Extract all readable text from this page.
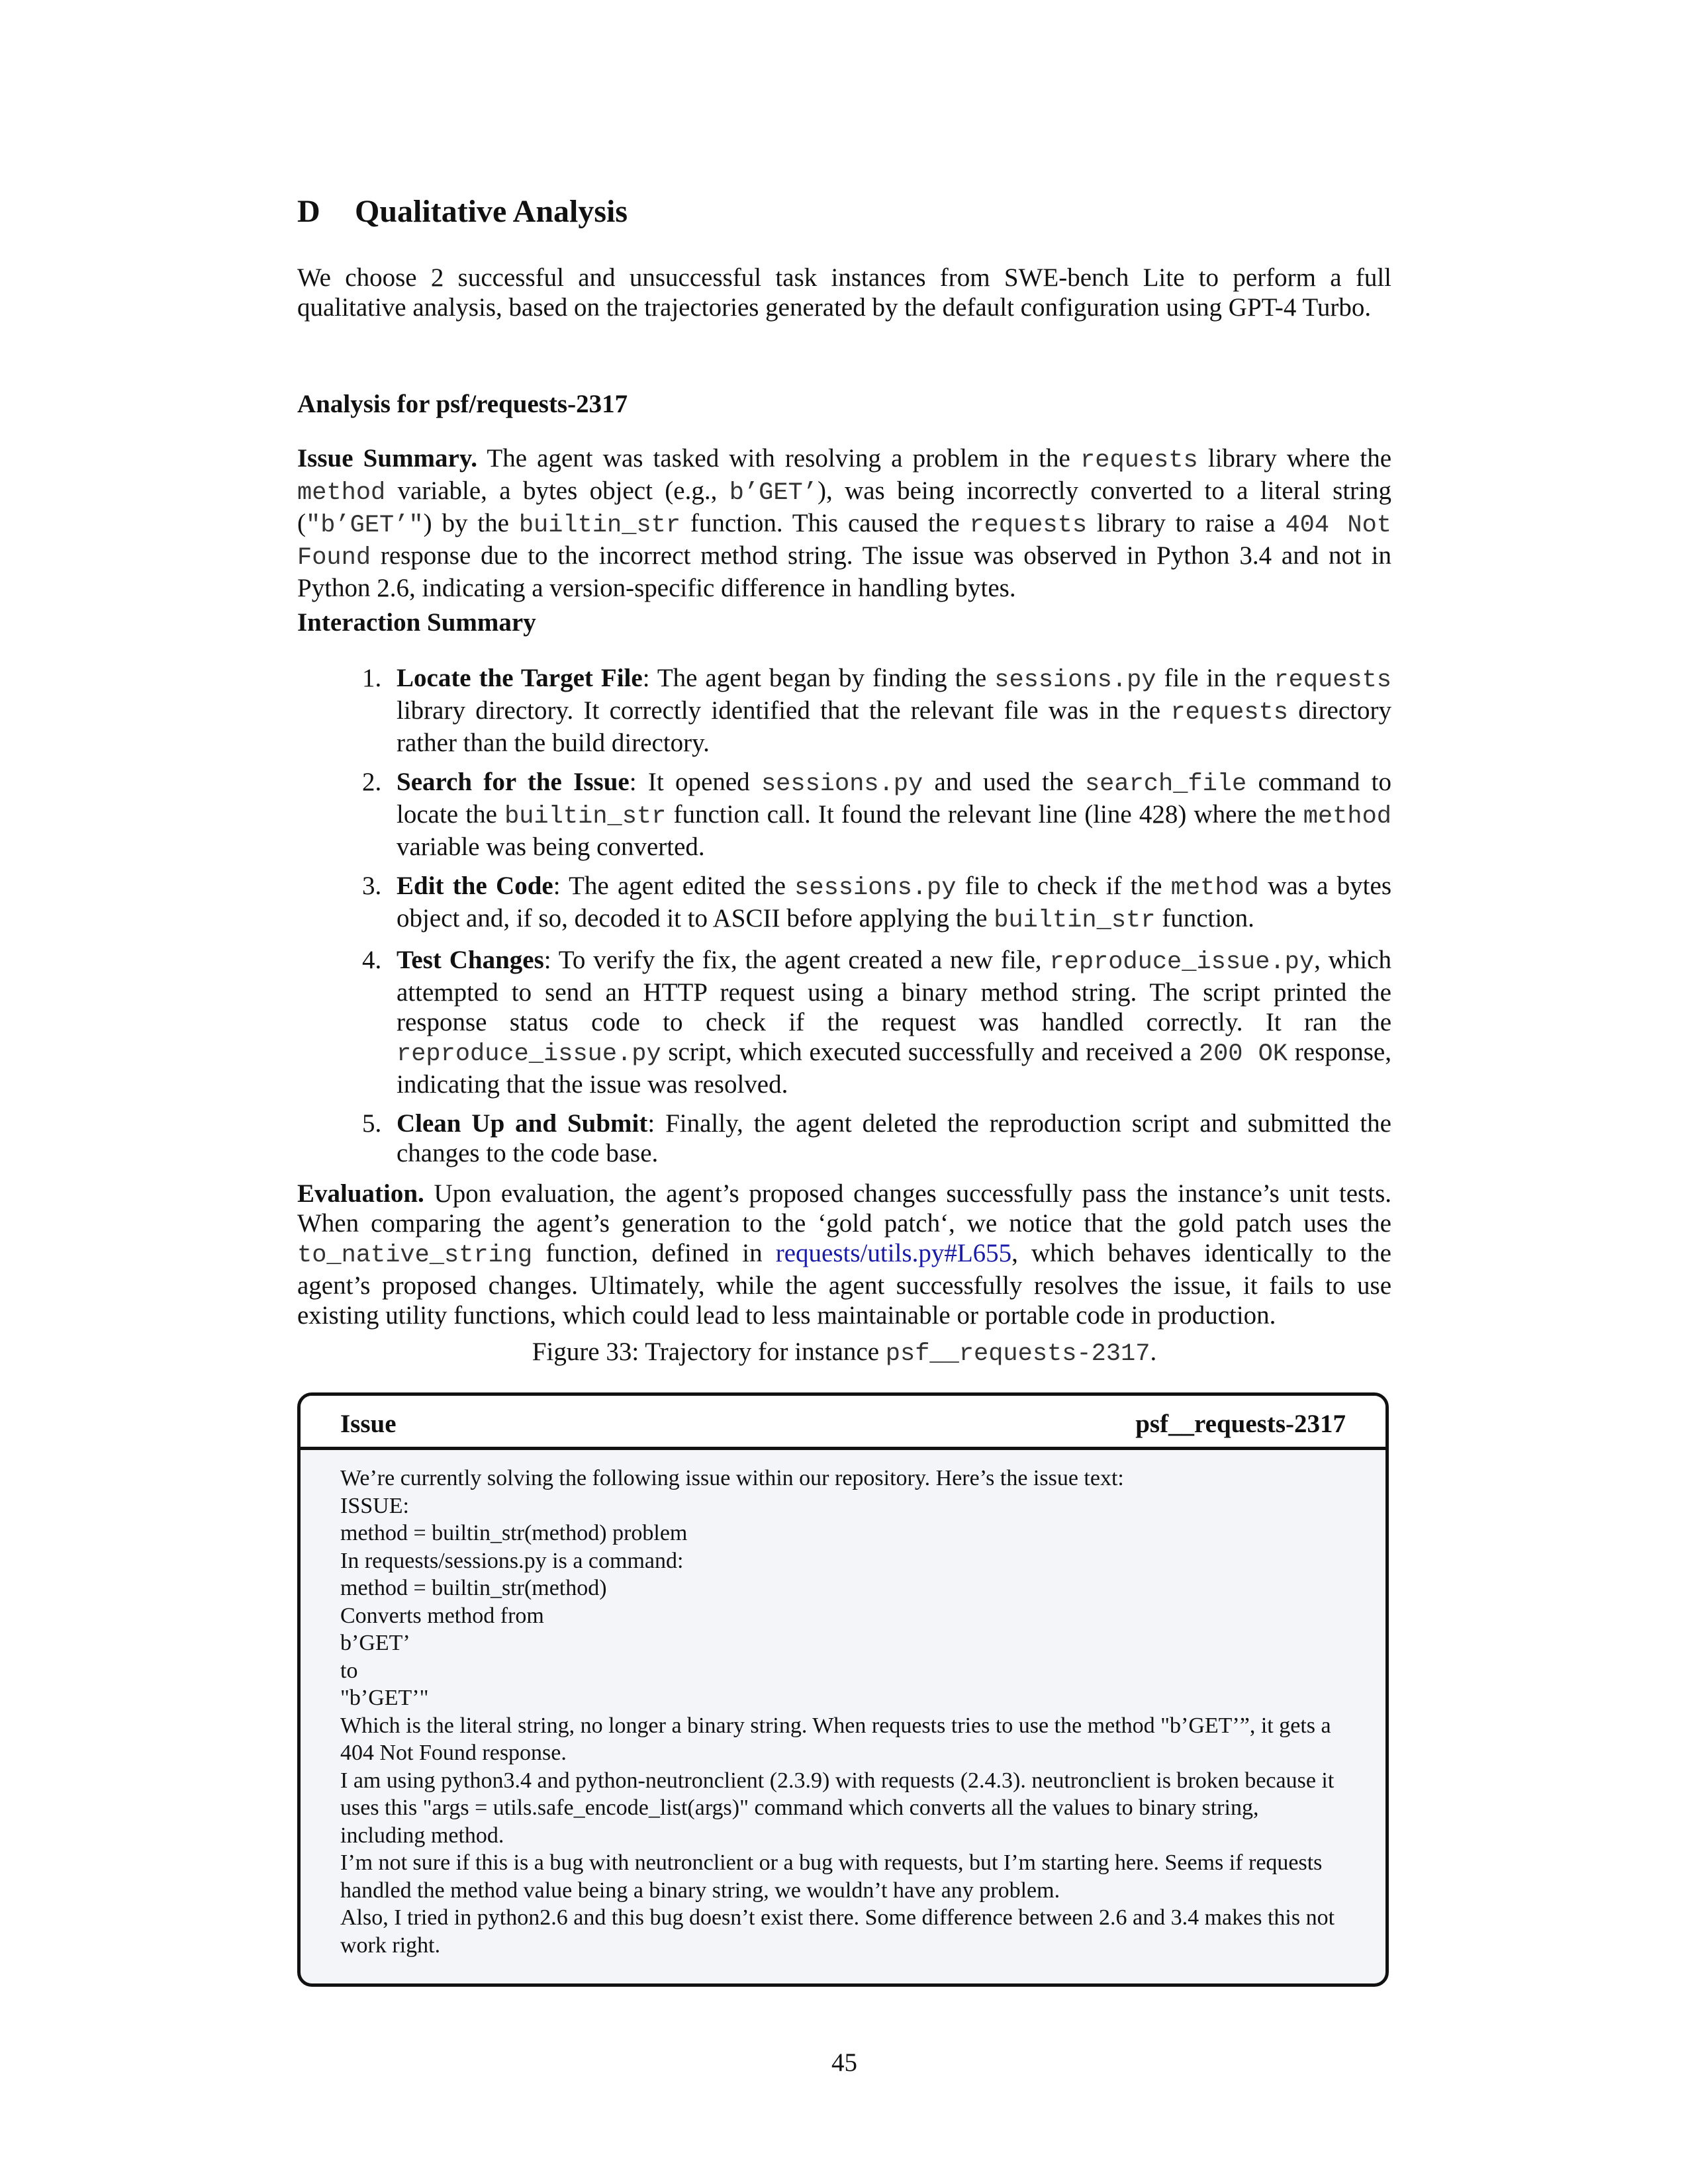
D Qualitative Analysis

We choose 2 successful and unsuccessful task instances from SWE-bench Lite to perform a full qualitative analysis, based on the trajectories generated by the default configuration using GPT-4 Turbo.

Analysis for psf/requests-2317

Issue Summary. The agent was tasked with resolving a problem in the requests library where the method variable, a bytes object (e.g., b’GET’), was being incorrectly converted to a literal string ("b’GET’") by the builtin_str function. This caused the requests library to raise a 404 Not Found response due to the incorrect method string. The issue was observed in Python 3.4 and not in Python 2.6, indicating a version-specific difference in handling bytes.

Interaction Summary
1. Locate the Target File: The agent began by finding the sessions.py file in the requests library directory. It correctly identified that the relevant file was in the requests directory rather than the build directory.
2. Search for the Issue: It opened sessions.py and used the search_file command to locate the builtin_str function call. It found the relevant line (line 428) where the method variable was being converted.
3. Edit the Code: The agent edited the sessions.py file to check if the method was a bytes object and, if so, decoded it to ASCII before applying the builtin_str function.
4. Test Changes: To verify the fix, the agent created a new file, reproduce_issue.py, which attempted to send an HTTP request using a binary method string. The script printed the response status code to check if the request was handled correctly. It ran the reproduce_issue.py script, which executed successfully and received a 200 OK response, indicating that the issue was resolved.
5. Clean Up and Submit: Finally, the agent deleted the reproduction script and submitted the changes to the code base.

Evaluation. Upon evaluation, the agent’s proposed changes successfully pass the instance’s unit tests. When comparing the agent’s generation to the ‘gold patch‘, we notice that the gold patch uses the to_native_string function, defined in requests/utils.py#L655, which behaves identically to the agent’s proposed changes. Ultimately, while the agent successfully resolves the issue, it fails to use existing utility functions, which could lead to less maintainable or portable code in production.

Figure 33: Trajectory for instance psf__requests-2317.
Issue	psf__requests-2317
We’re currently solving the following issue within our repository. Here’s the issue text:
ISSUE:
method = builtin_str(method) problem
In requests/sessions.py is a command:
method = builtin_str(method)
Converts method from
b’GET’
to
"b’GET’"
Which is the literal string, no longer a binary string. When requests tries to use the method "b’GET’”, it gets a 404 Not Found response.
I am using python3.4 and python-neutronclient (2.3.9) with requests (2.4.3). neutronclient is broken because it uses this "args = utils.safe_encode_list(args)" command which converts all the values to binary string, including method.
I’m not sure if this is a bug with neutronclient or a bug with requests, but I’m starting here. Seems if requests handled the method value being a binary string, we wouldn’t have any problem.
Also, I tried in python2.6 and this bug doesn’t exist there. Some difference between 2.6 and 3.4 makes this not work right.
45
